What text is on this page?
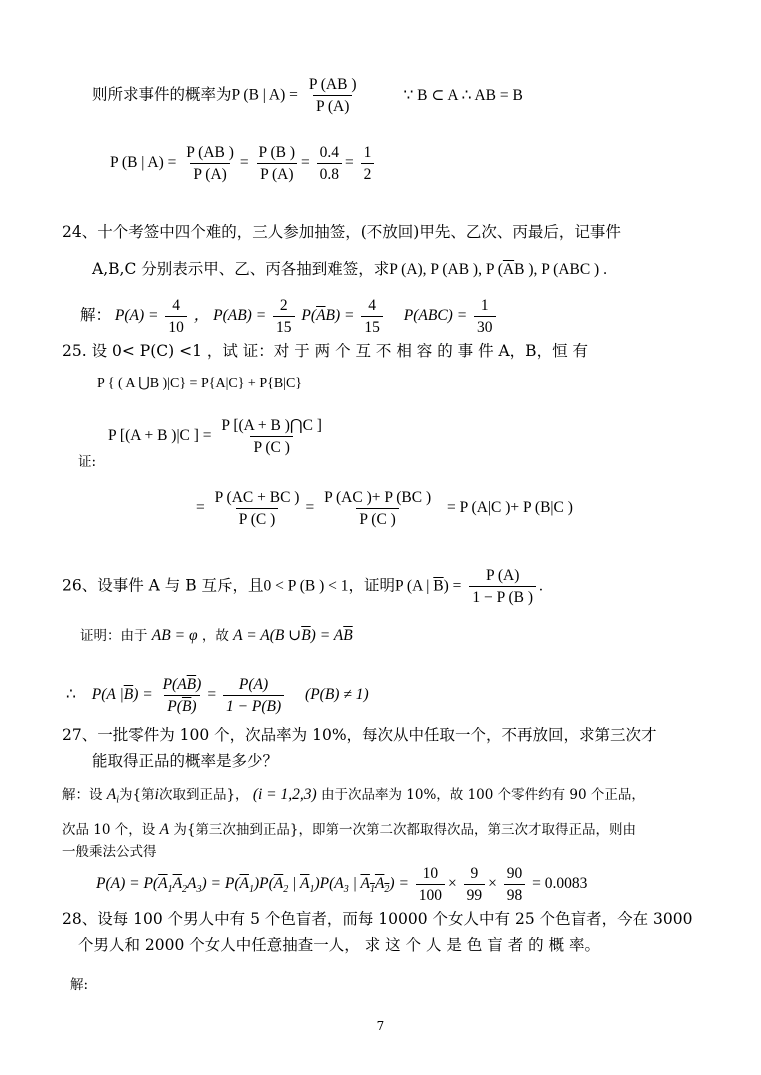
则所求事件的概率为P (B | $A) = \frac{P (AB )}{P (A)}$	∵ B ⊂ A ∴ AB = B
P (B | $A) = \frac{P (AB )}{P (A)} = \frac{P (B )}{P (A)} = \frac{0.4}{0.8} = \frac{1}{2}$
24、十个考签中四个难的，三人参加抽签，(不放回)甲先、乙次、丙最后，记事件
A,B,C 分别表示甲、乙、丙各抽到难签，求P (A), P (AB ), P ($\overline{A}B$ ), P (ABC ) .
解： $P(A) = \frac{4}{10}$ ， $P(AB) = \frac{2}{15} P(\overline{A}B) = \frac{4}{15} P(ABC) = \frac{1}{30}$
25. 设 0< P(C) <1 ，试 证：对 于 两 个 互 不 相 容 的 事 件 A，B，恒 有
P { ( A ⋃B )|C} = P{A|C} + P{B|C}
P [(A + B )|C ] = $\frac{P [(A + B )⋂C ]}{P (C )}$
证:
= $\frac{P (AC + BC )}{P (C )} = \frac{P (AC )+ P (BC )}{P (C )} = P$ (A|C )+ P (B|C )
26、设事件 A 与 B 互斥，且0 < P (B ) < 1，证明P (A | $\overline{B}) = \frac{P (A)}{1 - P (B )}$ .
证明：由于 AB = φ ，故 A = A(B $\cup\overline{B}) = A\overline{B}$
∴ P(A $|\overline{B}) = \frac{P(A\overline{B})}{P(\overline{B})} = \frac{P(A)}{1 - P(B)} (P(B) \ne 1)$
27、一批零件为 100 个，次品率为 10%，每次从中任取一个，不再放回，求第三次才
能取得正品的概率是多少？
解：设 $A_i$为{第i次取到正品}， (i = 1,2,3) 由于次品率为 10%，故 100 个零件约有 90 个正品，
次品 10 个，设 A 为{第三次抽到正品}，即第一次第二次都取得次品，第三次才取得正品，则由
一般乘法公式得
$P(A) = P(\overline{A}_1\overline{A}_2A_3) = P(\overline{A}_1)P(\overline{A}_2$ | $\overline{A}_1)P(A_3$ | $A_1A_2) = \frac{10}{100} \times \frac{9}{99} \times \frac{90}{98} = 0.0083$
28、设每 100 个男人中有 5 个色盲者，而每 10000 个女人中有 25 个色盲者，今在 3000
个男人和 2000 个女人中任意抽查一人， 求 这 个 人 是 色 盲 者 的 概 率。
解:
7
